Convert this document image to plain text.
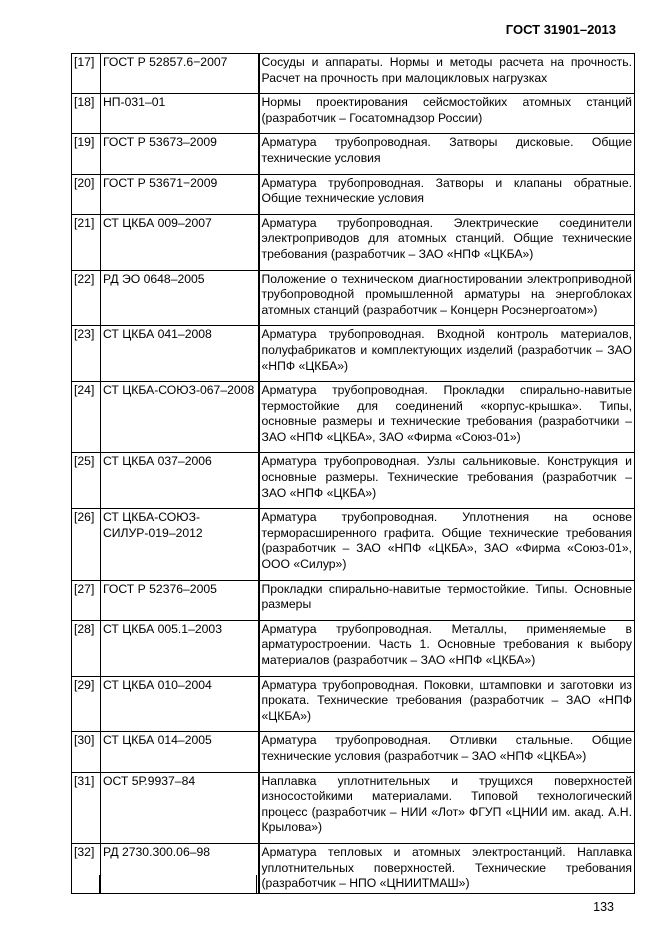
ГОСТ 31901–2013
[17]	ГОСТ Р 52857.6−2007	Сосуды и аппараты. Нормы и методы расчета на прочность. Расчет на прочность при малоцикловых нагрузках

[18]	НП-031–01	Нормы проектирования сейсмостойких атомных станций (разработчик – Госатомнадзор России)

[19]	ГОСТ Р 53673–2009	Арматура трубопроводная. Затворы дисковые. Общие технические условия

[20]	ГОСТ Р 53671−2009	Арматура трубопроводная. Затворы и клапаны обратные. Общие технические условия

[21]	СТ ЦКБА 009–2007	Арматура трубопроводная. Электрические соединители электроприводов для атомных станций. Общие технические требования (разработчик – ЗАО «НПФ «ЦКБА»)

[22]	РД ЭО 0648–2005	Положение о техническом диагностировании электроприводной трубопроводной промышленной арматуры на энергоблоках атомных станций (разработчик – Концерн Росэнергоатом»)

[23]	СТ ЦКБА 041–2008	Арматура трубопроводная. Входной контроль материалов, полуфабрикатов и комплектующих изделий (разработчик – ЗАО «НПФ «ЦКБА»)

[24]	СТ ЦКБА-СОЮЗ-067–2008	Арматура трубопроводная. Прокладки спирально-навитые термостойкие для соединений «корпус-крышка». Типы, основные размеры и технические требования (разработчики – ЗАО «НПФ «ЦКБА», ЗАО «Фирма «Союз-01»)

[25]	СТ ЦКБА 037–2006	Арматура трубопроводная. Узлы сальниковые. Конструкция и основные размеры. Технические требования (разработчик – ЗАО «НПФ «ЦКБА»)

[26]	СТ ЦКБА-СОЮЗ-СИЛУР-019–2012	Арматура трубопроводная. Уплотнения на основе терморасширенного графита. Общие технические требования (разработчик – ЗАО «НПФ «ЦКБА», ЗАО «Фирма «Союз-01», ООО «Силур»)

[27]	ГОСТ Р 52376–2005	Прокладки спирально-навитые термостойкие. Типы. Основные размеры

[28]	СТ ЦКБА 005.1–2003	Арматура трубопроводная. Металлы, применяемые в арматуростроении. Часть 1. Основные требования к выбору материалов (разработчик – ЗАО «НПФ «ЦКБА»)

[29]	СТ ЦКБА 010–2004	Арматура трубопроводная. Поковки, штамповки и заготовки из проката. Технические требования (разработчик – ЗАО «НПФ «ЦКБА»)

[30]	СТ ЦКБА 014–2005	Арматура трубопроводная. Отливки стальные. Общие технические условия (разработчик – ЗАО «НПФ «ЦКБА»)

[31]	ОСТ 5Р.9937–84	Наплавка уплотнительных и трущихся поверхностей износостойкими материалами. Типовой технологический процесс (разработчик – НИИ «Лот» ФГУП «ЦНИИ им. акад. А.Н. Крылова»)

[32]	РД 2730.300.06–98	Арматура тепловых и атомных электростанций. Наплавка уплотнительных поверхностей. Технические требования (разработчик – НПО «ЦНИИТМАШ»)
133
